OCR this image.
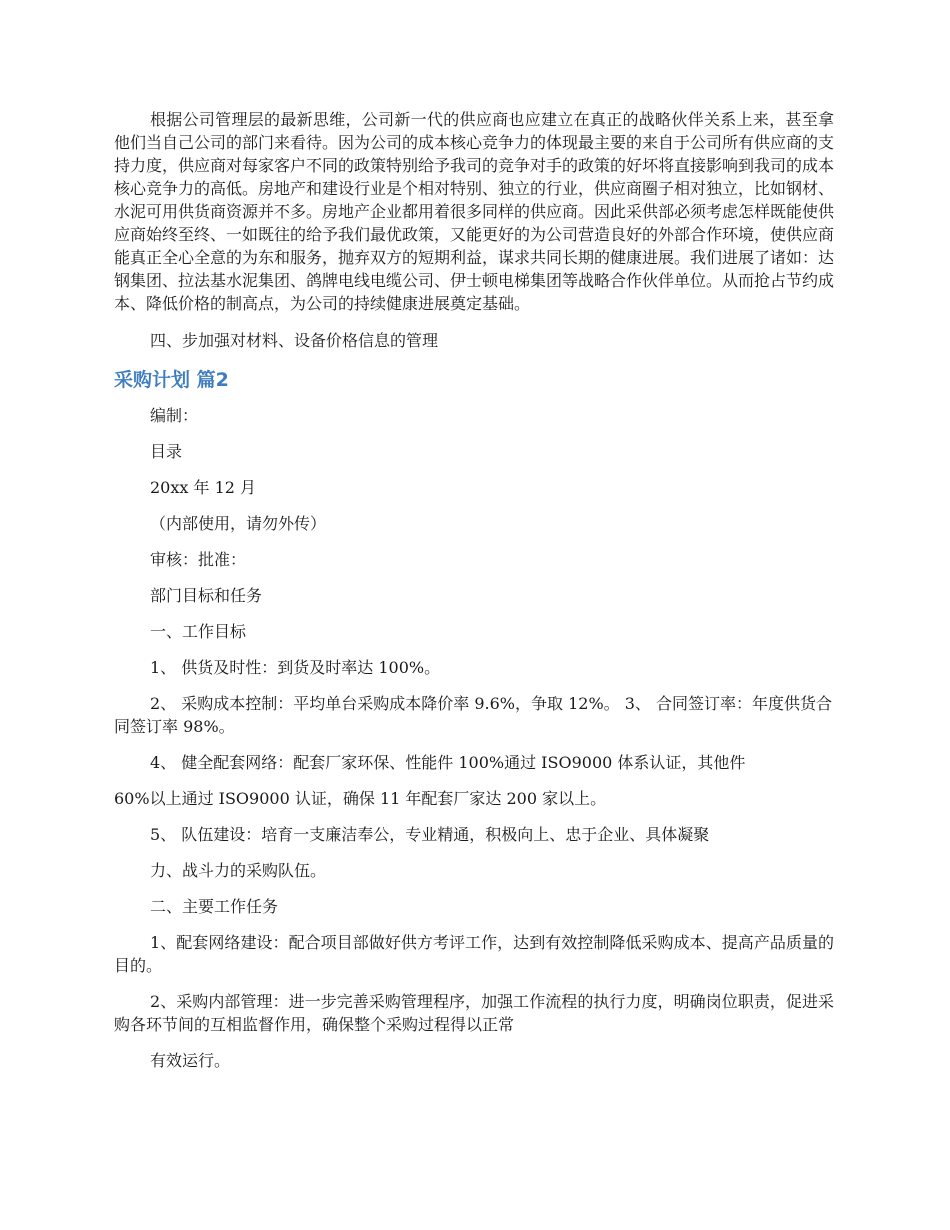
根据公司管理层的最新思维，公司新一代的供应商也应建立在真正的战略伙伴关系上来，甚至拿他们当自己公司的部门来看待。因为公司的成本核心竞争力的体现最主要的来自于公司所有供应商的支持力度，供应商对每家客户不同的政策特别给予我司的竞争对手的政策的好坏将直接影响到我司的成本核心竞争力的高低。房地产和建设行业是个相对特别、独立的行业，供应商圈子相对独立，比如钢材、水泥可用供货商资源并不多。房地产企业都用着很多同样的供应商。因此采供部必须考虑怎样既能使供应商始终至终、一如既往的给予我们最优政策，又能更好的为公司营造良好的外部合作环境，使供应商能真正全心全意的为东和服务，抛弃双方的短期利益，谋求共同长期的健康进展。我们进展了诸如：达钢集团、拉法基水泥集团、鸽牌电线电缆公司、伊士顿电梯集团等战略合作伙伴单位。从而抢占节约成本、降低价格的制高点，为公司的持续健康进展奠定基础。

四、步加强对材料、设备价格信息的管理

采购计划 篇2

编制：

目录

20xx 年 12 月

（内部使用，请勿外传）

审核：批准：

部门目标和任务

一、工作目标

1、 供货及时性：到货及时率达 100%。

2、 采购成本控制：平均单台采购成本降价率 9.6%，争取 12%。 3、 合同签订率：年度供货合同签订率 98%。

4、 健全配套网络：配套厂家环保、性能件 100%通过 ISO9000 体系认证，其他件

60%以上通过 ISO9000 认证，确保 11 年配套厂家达 200 家以上。

5、 队伍建设：培育一支廉洁奉公，专业精通，积极向上、忠于企业、具体凝聚

力、战斗力的采购队伍。

二、主要工作任务

1、配套网络建设：配合项目部做好供方考评工作，达到有效控制降低采购成本、提高产品质量的目的。

2、采购内部管理：进一步完善采购管理程序，加强工作流程的执行力度，明确岗位职责，促进采购各环节间的互相监督作用，确保整个采购过程得以正常

有效运行。
